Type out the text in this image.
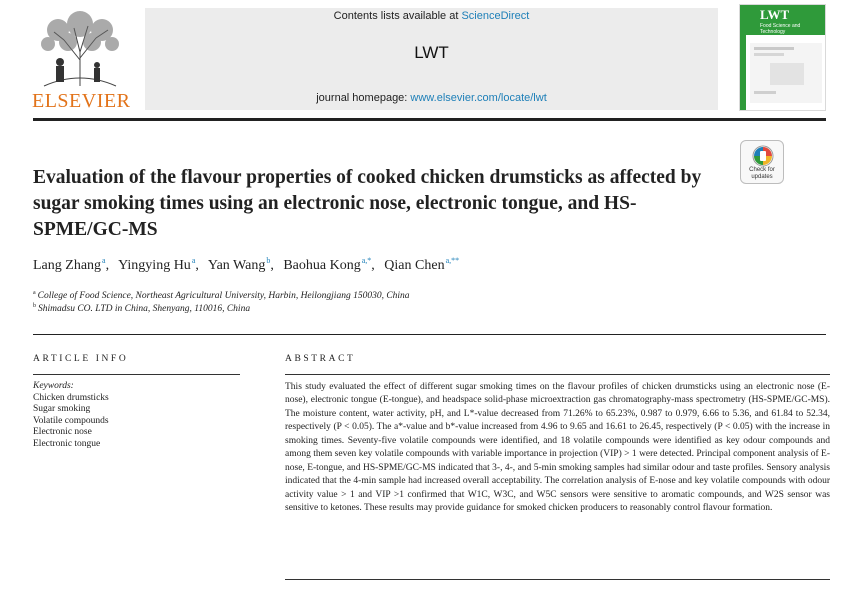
ELSEVIER
Contents lists available at ScienceDirect
LWT
journal homepage: www.elsevier.com/locate/lwt
LWT
Food Science and Technology
Evaluation of the flavour properties of cooked chicken drumsticks as affected by sugar smoking times using an electronic nose, electronic tongue, and HS-SPME/GC-MS
Check for updates
Lang Zhang$^a$, Yingying Hu$^a$, Yan Wang$^b$, Baohua Kong$^{a,*}$, Qian Chen$^{a,**}$
$^a$ College of Food Science, Northeast Agricultural University, Harbin, Heilongjiang 150030, China
$^b$ Shimadsu CO. LTD in China, Shenyang, 110016, China
ARTICLE INFO
Keywords:
Chicken drumsticks
Sugar smoking
Volatile compounds
Electronic nose
Electronic tongue
ABSTRACT

This study evaluated the effect of different sugar smoking times on the flavour profiles of chicken drumsticks using an electronic nose (E-nose), electronic tongue (E-tongue), and headspace solid-phase microextraction gas chromatography-mass spectrometry (HS-SPME/GC-MS). The moisture content, water activity, pH, and L*-value decreased from 71.26% to 65.23%, 0.987 to 0.979, 6.66 to 5.36, and 61.84 to 52.34, respectively (P < 0.05). The a*-value and b*-value increased from 4.96 to 9.65 and 16.61 to 26.45, respectively (P < 0.05) with the increase in smoking times. Seventy-five volatile compounds were identified, and 18 volatile compounds were identified as key odour compounds and among them seven key volatile compounds with variable importance in projection (VIP) > 1 were detected. Principal component analysis of E-nose, E-tongue, and HS-SPME/GC-MS indicated that 3-, 4-, and 5-min smoking samples had similar odour and taste profiles. Sensory analysis indicated that the 4-min sample had increased overall acceptability. The correlation analysis of E-nose and key volatile compounds with odour activity value > 1 and VIP >1 confirmed that W1C, W3C, and W5C sensors were sensitive to aromatic compounds, and W2S sensor was sensitive to ketones. These results may provide guidance for smoked chicken producers to reasonably control flavour formation.
